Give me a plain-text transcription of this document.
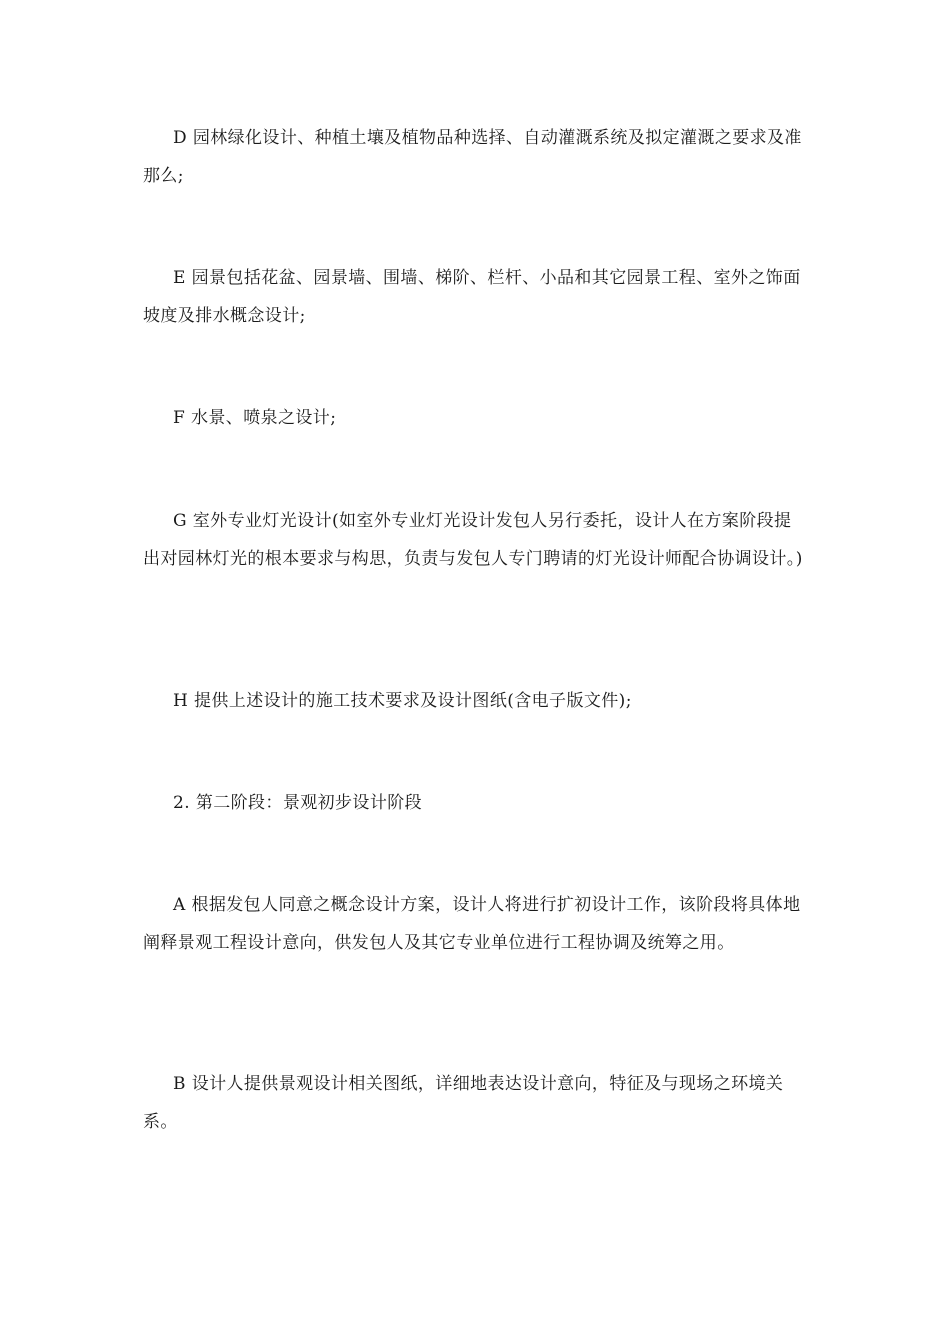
D 园林绿化设计、种植土壤及植物品种选择、自动灌溉系统及拟定灌溉之要求及准那么;

E 园景包括花盆、园景墙、围墙、梯阶、栏杆、小品和其它园景工程、室外之饰面坡度及排水概念设计;

F 水景、喷泉之设计;

G 室外专业灯光设计(如室外专业灯光设计发包人另行委托，设计人在方案阶段提出对园林灯光的根本要求与构思，负责与发包人专门聘请的灯光设计师配合协调设计。)

H 提供上述设计的施工技术要求及设计图纸(含电子版文件);

2. 第二阶段：景观初步设计阶段

A 根据发包人同意之概念设计方案，设计人将进行扩初设计工作，该阶段将具体地阐释景观工程设计意向，供发包人及其它专业单位进行工程协调及统筹之用。

B 设计人提供景观设计相关图纸，详细地表达设计意向，特征及与现场之环境关系。
